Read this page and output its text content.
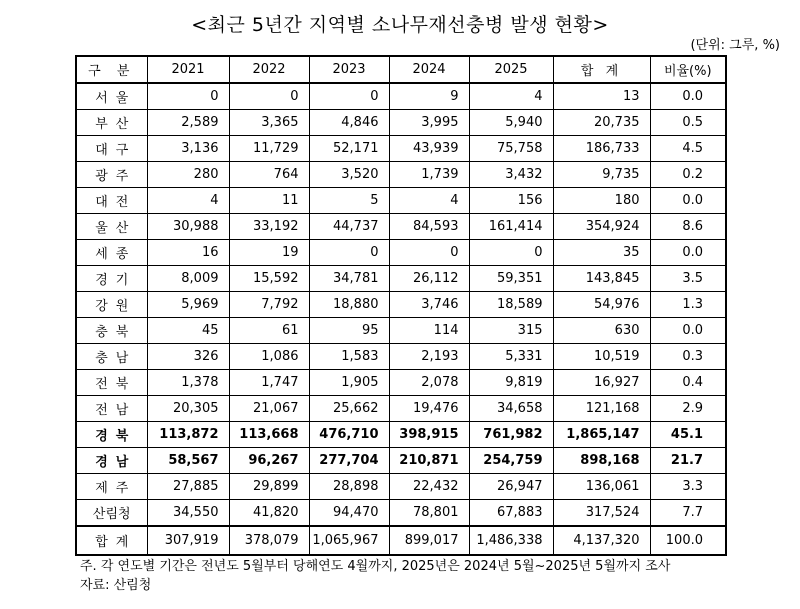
<최근 5년간 지역별 소나무재선충병 발생 현황>
(단위: 그루, %)
구 분	2021	2022	2023	2024	2025	합 계	비율(%)
서울	0	0	0	9	4	13	0.0
부산	2,589	3,365	4,846	3,995	5,940	20,735	0.5
대구	3,136	11,729	52,171	43,939	75,758	186,733	4.5
광주	280	764	3,520	1,739	3,432	9,735	0.2
대전	4	11	5	4	156	180	0.0
울산	30,988	33,192	44,737	84,593	161,414	354,924	8.6
세종	16	19	0	0	0	35	0.0
경기	8,009	15,592	34,781	26,112	59,351	143,845	3.5
강원	5,969	7,792	18,880	3,746	18,589	54,976	1.3
충북	45	61	95	114	315	630	0.0
충남	326	1,086	1,583	2,193	5,331	10,519	0.3
전북	1,378	1,747	1,905	2,078	9,819	16,927	0.4
전남	20,305	21,067	25,662	19,476	34,658	121,168	2.9
경북	113,872	113,668	476,710	398,915	761,982	1,865,147	45.1
경남	58,567	96,267	277,704	210,871	254,759	898,168	21.7
제주	27,885	29,899	28,898	22,432	26,947	136,061	3.3
산림청	34,550	41,820	94,470	78,801	67,883	317,524	7.7
합계	307,919	378,079	1,065,967	899,017	1,486,338	4,137,320	100.0
주. 각 연도별 기간은 전년도 5월부터 당해연도 4월까지, 2025년은 2024년 5월~2025년 5월까지 조사
자료: 산림청
